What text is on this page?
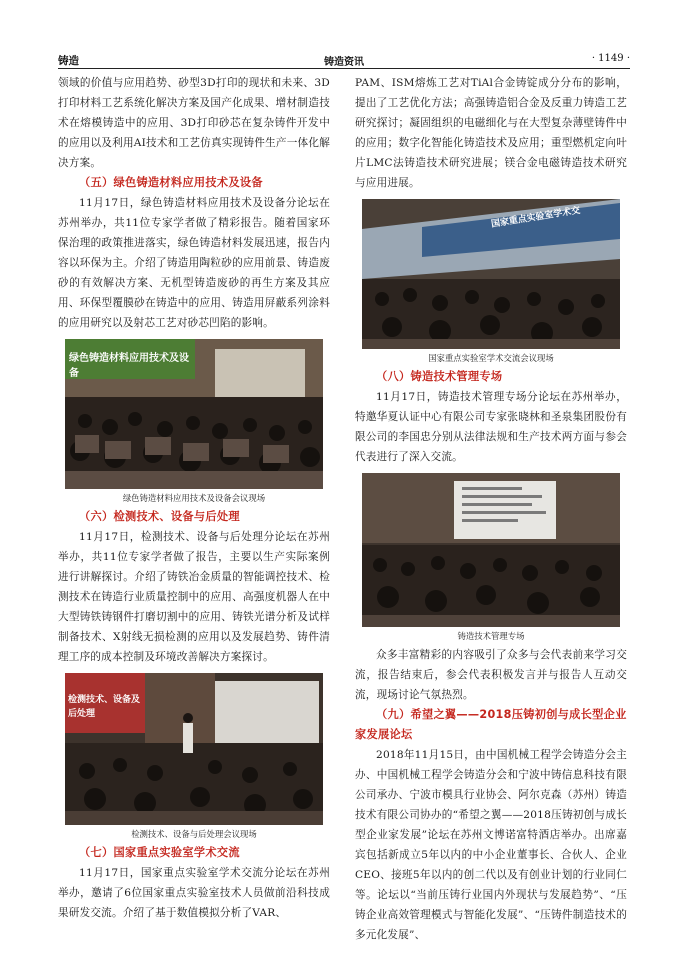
铸造	铸造资讯	· 1149 ·

领域的价值与应用趋势、砂型3D打印的现状和未来、3D打印材料工艺系统化解决方案及国产化成果、增材制造技术在熔模铸造中的应用、3D打印砂芯在复杂铸件开发中的应用以及利用AI技术和工艺仿真实现铸件生产一体化解决方案。

（五）绿色铸造材料应用技术及设备

11月17日，绿色铸造材料应用技术及设备分论坛在苏州举办，共11位专家学者做了精彩报告。随着国家环保治理的政策推进落实，绿色铸造材料发展迅速，报告内容以环保为主。介绍了铸造用陶粒砂的应用前景、铸造废砂的有效解决方案、无机型铸造废砂的再生方案及其应用、环保型覆膜砂在铸造中的应用、铸造用屏蔽系列涂料的应用研究以及射芯工艺对砂芯凹陷的影响。

绿色铸造材料应用技术及设备
绿色铸造材料应用技术及设备会议现场
（六）检测技术、设备与后处理

11月17日，检测技术、设备与后处理分论坛在苏州举办，共11位专家学者做了报告，主要以生产实际案例进行讲解探讨。介绍了铸铁冶金质量的智能调控技术、检测技术在铸造行业质量控制中的应用、高强度机器人在中大型铸铁铸钢件打磨切割中的应用、铸铁光谱分析及试样制备技术、X射线无损检测的应用以及发展趋势、铸件清理工序的成本控制及环境改善解决方案探讨。

检测技术、设备及后处理
检测技术、设备与后处理会议现场
（七）国家重点实验室学术交流

11月17日，国家重点实验室学术交流分论坛在苏州举办，邀请了6位国家重点实验室技术人员做前沿科技成果研发交流。介绍了基于数值模拟分析了VAR、

PAM、ISM熔炼工艺对TiAl合金铸锭成分分布的影响，提出了工艺优化方法；高强铸造铝合金及反重力铸造工艺研究探讨；凝固组织的电磁细化与在大型复杂薄壁铸件中的应用；数字化智能化铸造技术及应用；重型燃机定向叶片LMC法铸造技术研究进展；镁合金电磁铸造技术研究与应用进展。

国家重点实验室学术交
国家重点实验室学术交流会议现场
（八）铸造技术管理专场

11月17日，铸造技术管理专场分论坛在苏州举办，特邀华夏认证中心有限公司专家张晓林和圣泉集团股份有限公司的李国忠分别从法律法规和生产技术两方面与参会代表进行了深入交流。

铸造技术管理专场

众多丰富精彩的内容吸引了众多与会代表前来学习交流，报告结束后，参会代表积极发言并与报告人互动交流，现场讨论气氛热烈。

（九）希望之翼——2018压铸初创与成长型企业
家发展论坛

2018年11月15日，由中国机械工程学会铸造分会主办、中国机械工程学会铸造分会和宁波中铸信息科技有限公司承办、宁波市模具行业协会、阿尔克森（苏州）铸造技术有限公司协办的“希望之翼——2018压铸初创与成长型企业家发展”论坛在苏州文博诺富特酒店举办。出席嘉宾包括新成立5年以内的中小企业董事长、合伙人、企业CEO、接班5年以内的创二代以及有创业计划的行业同仁等。论坛以“当前压铸行业国内外现状与发展趋势”、“压铸企业高效管理模式与智能化发展”、“压铸件制造技术的多元化发展”、
